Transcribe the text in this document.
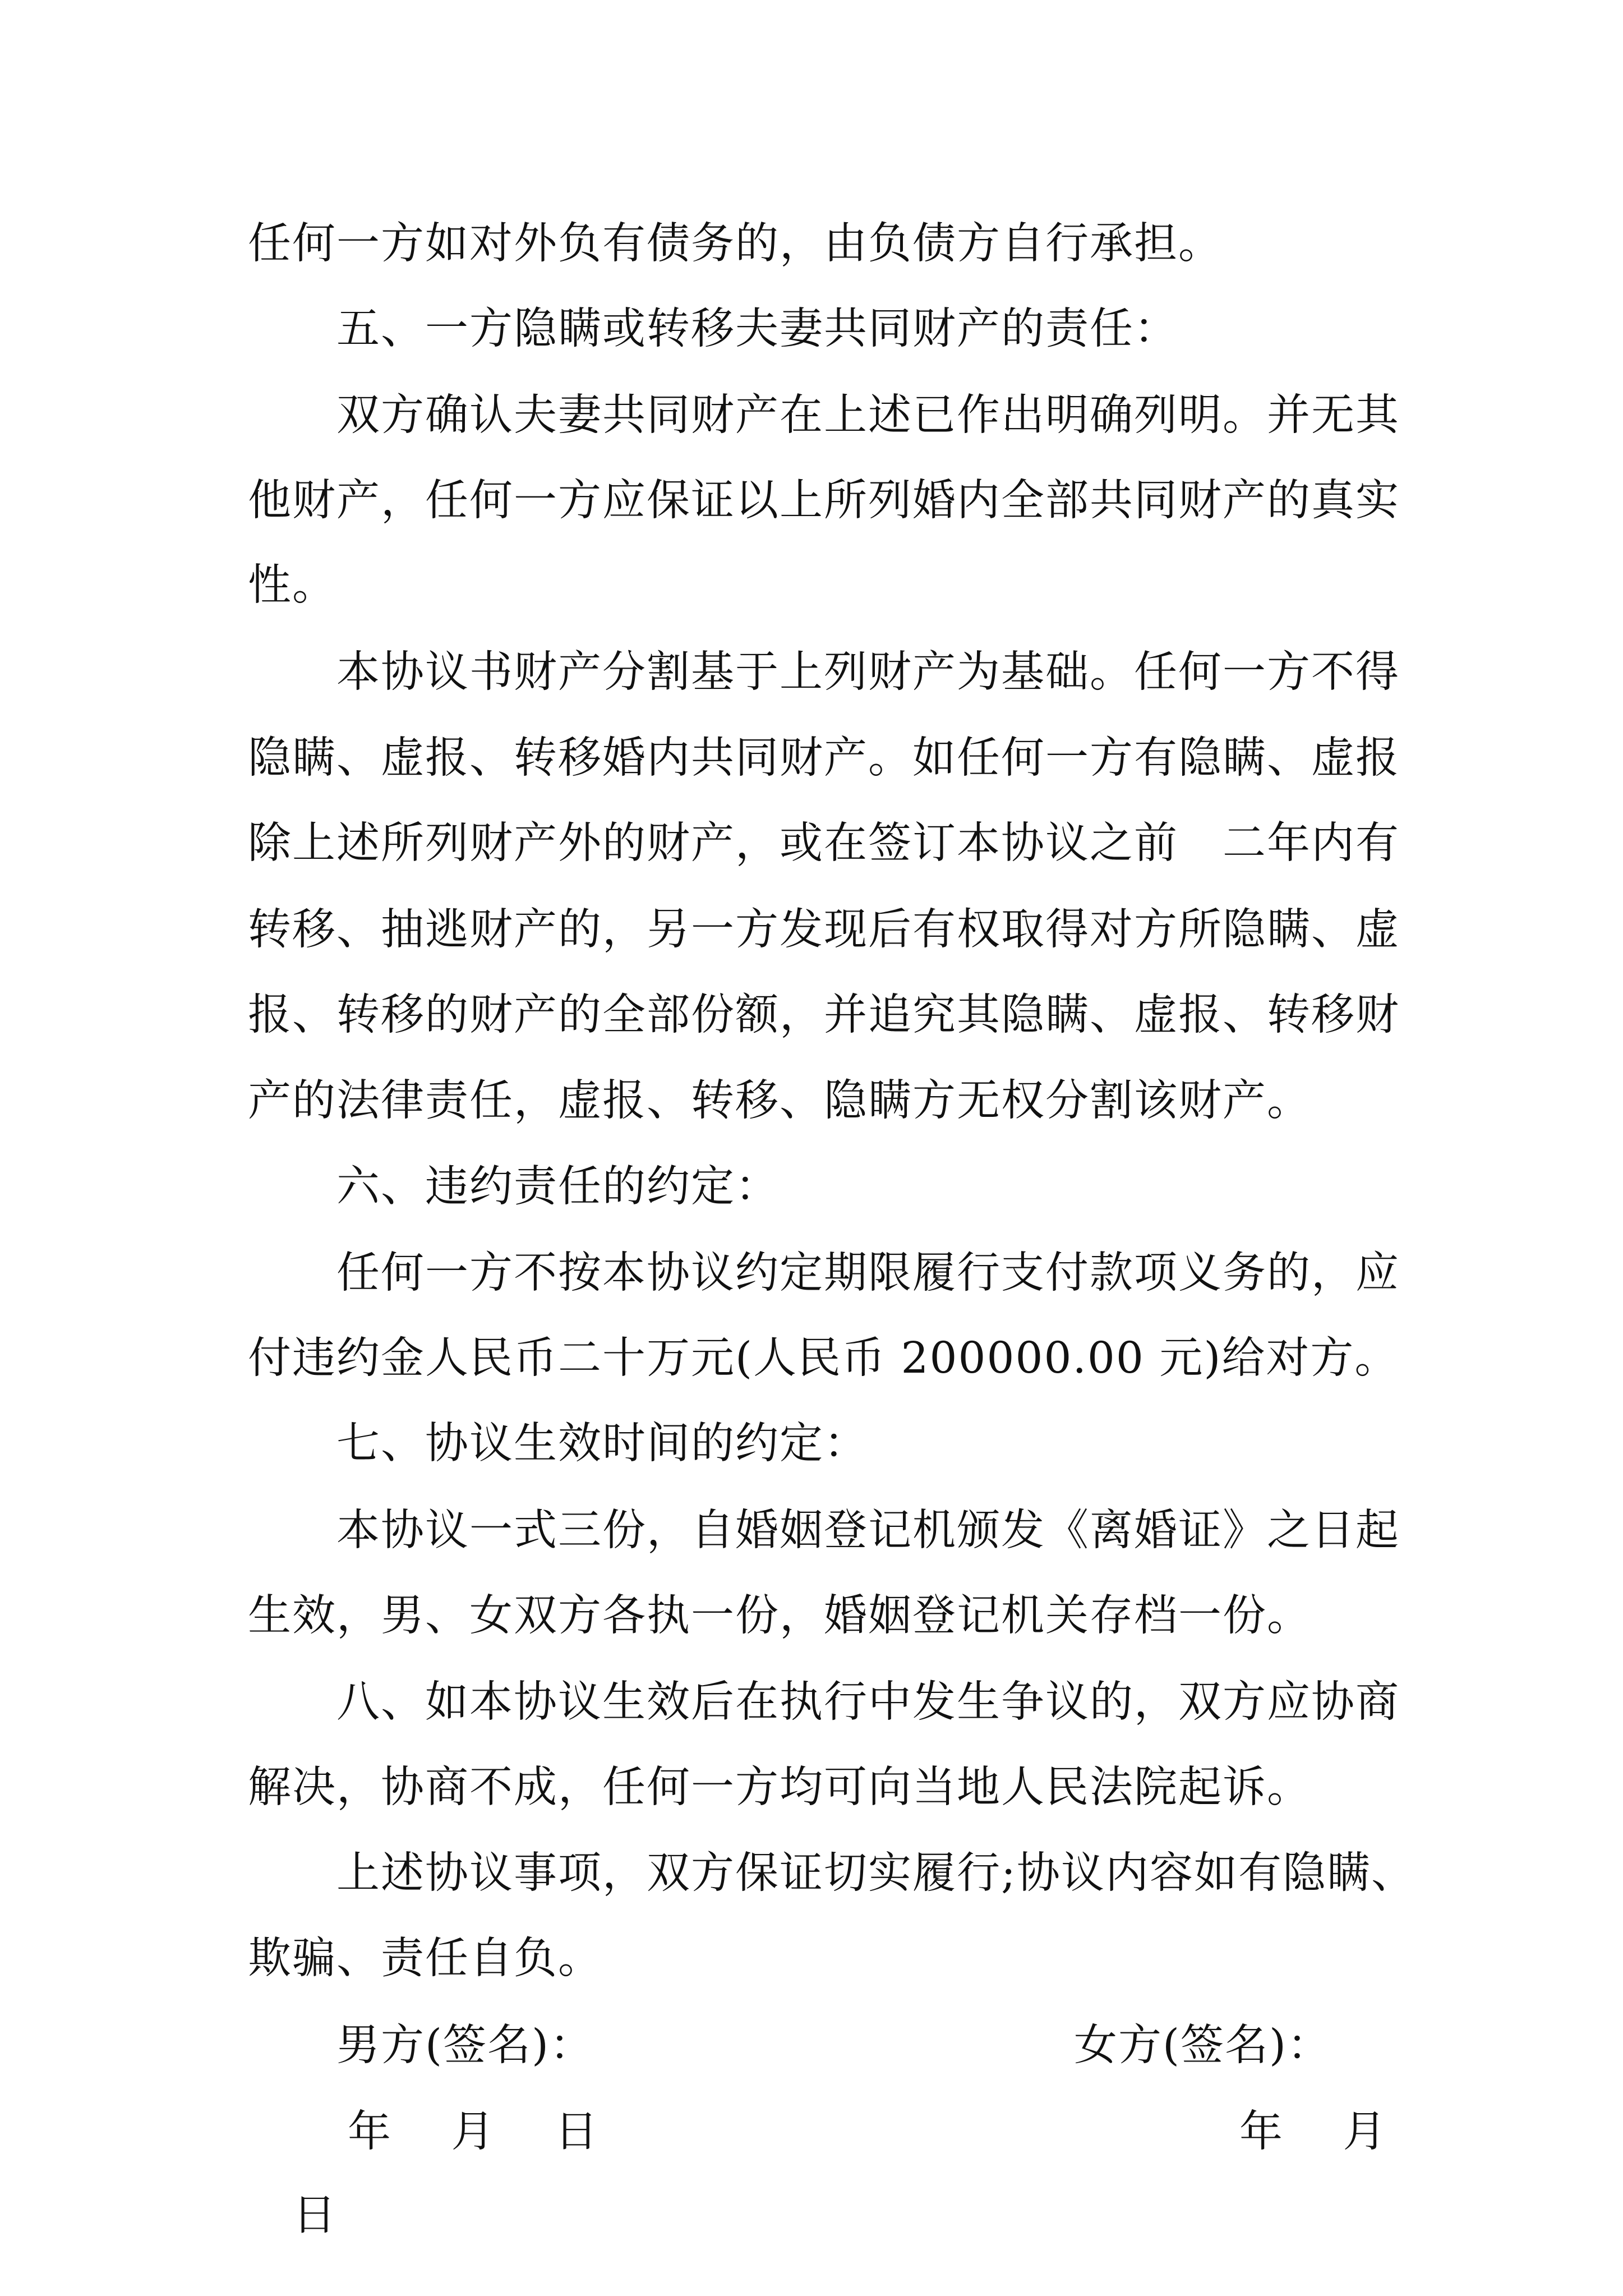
任何一方如对外负有债务的，由负债方自行承担。
五、一方隐瞒或转移夫妻共同财产的责任：
双方确认夫妻共同财产在上述已作出明确列明。并无其
他财产，任何一方应保证以上所列婚内全部共同财产的真实
性。
本协议书财产分割基于上列财产为基础。任何一方不得
隐瞒、虚报、转移婚内共同财产。如任何一方有隐瞒、虚报
除上述所列财产外的财产，或在签订本协议之前　二年内有
转移、抽逃财产的，另一方发现后有权取得对方所隐瞒、虚
报、转移的财产的全部份额，并追究其隐瞒、虚报、转移财
产的法律责任，虚报、转移、隐瞒方无权分割该财产。
六、违约责任的约定：
任何一方不按本协议约定期限履行支付款项义务的，应
付违约金人民币二十万元(人民币 200000.00 元)给对方。
七、协议生效时间的约定：
本协议一式三份，自婚姻登记机颁发《离婚证》之日起
生效，男、女双方各执一份，婚姻登记机关存档一份。
八、如本协议生效后在执行中发生争议的，双方应协商
解决，协商不成，任何一方均可向当地人民法院起诉。
上述协议事项，双方保证切实履行;协议内容如有隐瞒、
欺骗、责任自负。
男方(签名)：	女方(签名)：
年　 月　 日	年　 月
日
